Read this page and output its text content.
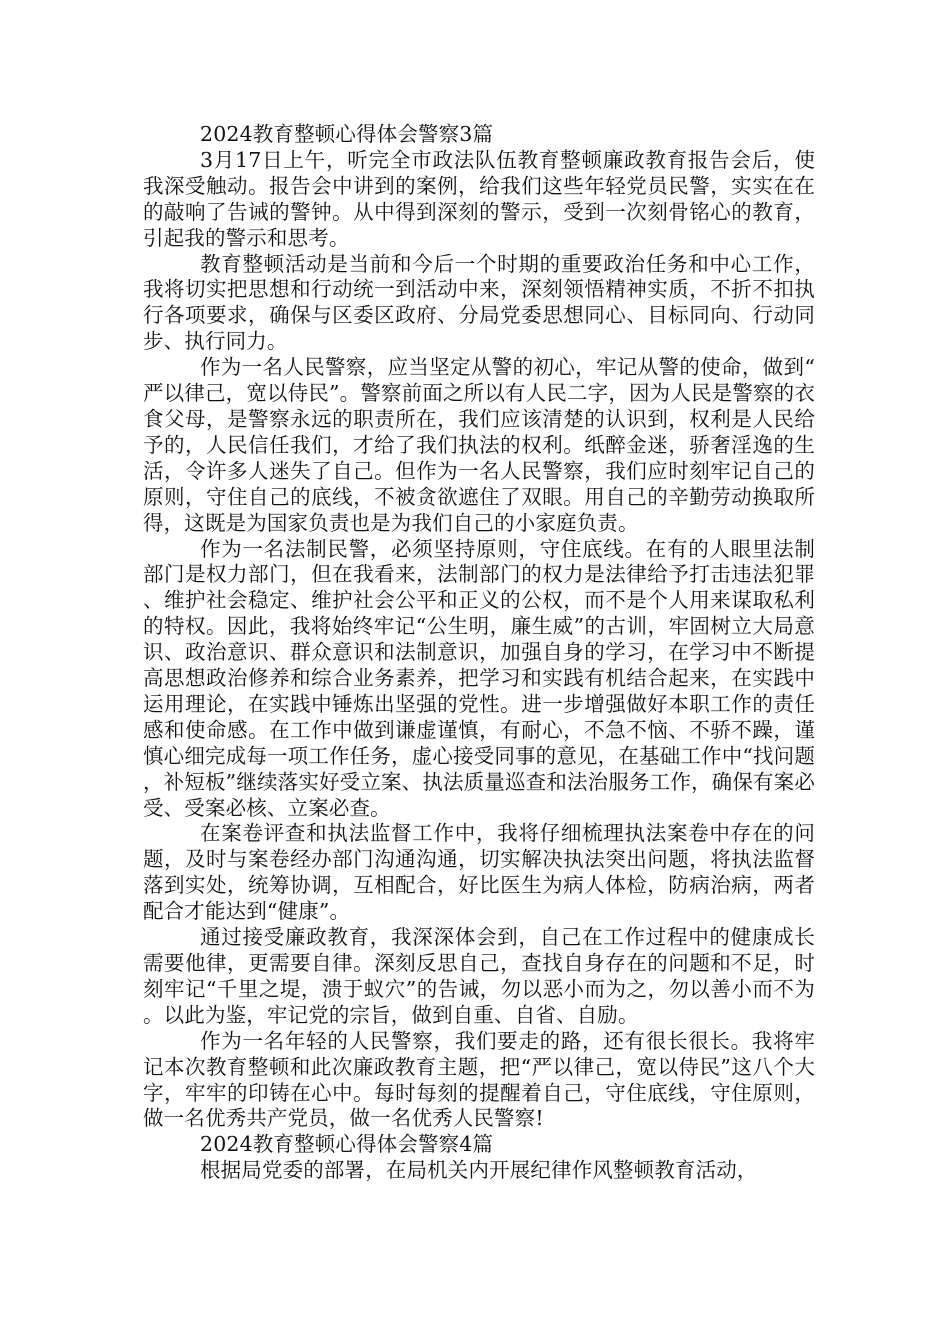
2024教育整顿心得体会警察3篇

3月17日上午，听完全市政法队伍教育整顿廉政教育报告会后，使我深受触动。报告会中讲到的案例，给我们这些年轻党员民警，实实在在的敲响了告诫的警钟。从中得到深刻的警示，受到一次刻骨铭心的教育，引起我的警示和思考。

教育整顿活动是当前和今后一个时期的重要政治任务和中心工作，我将切实把思想和行动统一到活动中来，深刻领悟精神实质，不折不扣执行各项要求，确保与区委区政府、分局党委思想同心、目标同向、行动同步、执行同力。

作为一名人民警察，应当坚定从警的初心，牢记从警的使命，做到“严以律己，宽以侍民”。警察前面之所以有人民二字，因为人民是警察的衣食父母，是警察永远的职责所在，我们应该清楚的认识到，权利是人民给予的，人民信任我们，才给了我们执法的权利。纸醉金迷，骄奢淫逸的生活，令许多人迷失了自己。但作为一名人民警察，我们应时刻牢记自己的原则，守住自己的底线，不被贪欲遮住了双眼。用自己的辛勤劳动换取所得，这既是为国家负责也是为我们自己的小家庭负责。

作为一名法制民警，必须坚持原则，守住底线。在有的人眼里法制部门是权力部门，但在我看来，法制部门的权力是法律给予打击违法犯罪、维护社会稳定、维护社会公平和正义的公权，而不是个人用来谋取私利的特权。因此，我将始终牢记“公生明，廉生威”的古训，牢固树立大局意识、政治意识、群众意识和法制意识，加强自身的学习，在学习中不断提高思想政治修养和综合业务素养，把学习和实践有机结合起来，在实践中运用理论，在实践中锤炼出坚强的党性。进一步增强做好本职工作的责任感和使命感。在工作中做到谦虚谨慎，有耐心，不急不恼、不骄不躁，谨慎心细完成每一项工作任务，虚心接受同事的意见，在基础工作中“找问题，补短板”继续落实好受立案、执法质量巡查和法治服务工作，确保有案必受、受案必核、立案必查。

在案卷评查和执法监督工作中，我将仔细梳理执法案卷中存在的问题，及时与案卷经办部门沟通沟通，切实解决执法突出问题，将执法监督落到实处，统筹协调，互相配合，好比医生为病人体检，防病治病，两者配合才能达到“健康”。

通过接受廉政教育，我深深体会到，自己在工作过程中的健康成长需要他律，更需要自律。深刻反思自己，查找自身存在的问题和不足，时刻牢记“千里之堤，溃于蚁穴”的告诫，勿以恶小而为之，勿以善小而不为。以此为鉴，牢记党的宗旨，做到自重、自省、自励。

作为一名年轻的人民警察，我们要走的路，还有很长很长。我将牢记本次教育整顿和此次廉政教育主题，把“严以律己，宽以侍民”这八个大字，牢牢的印铸在心中。每时每刻的提醒着自己，守住底线，守住原则，做一名优秀共产党员，做一名优秀人民警察!

2024教育整顿心得体会警察4篇

根据局党委的部署，在局机关内开展纪律作风整顿教育活动，
